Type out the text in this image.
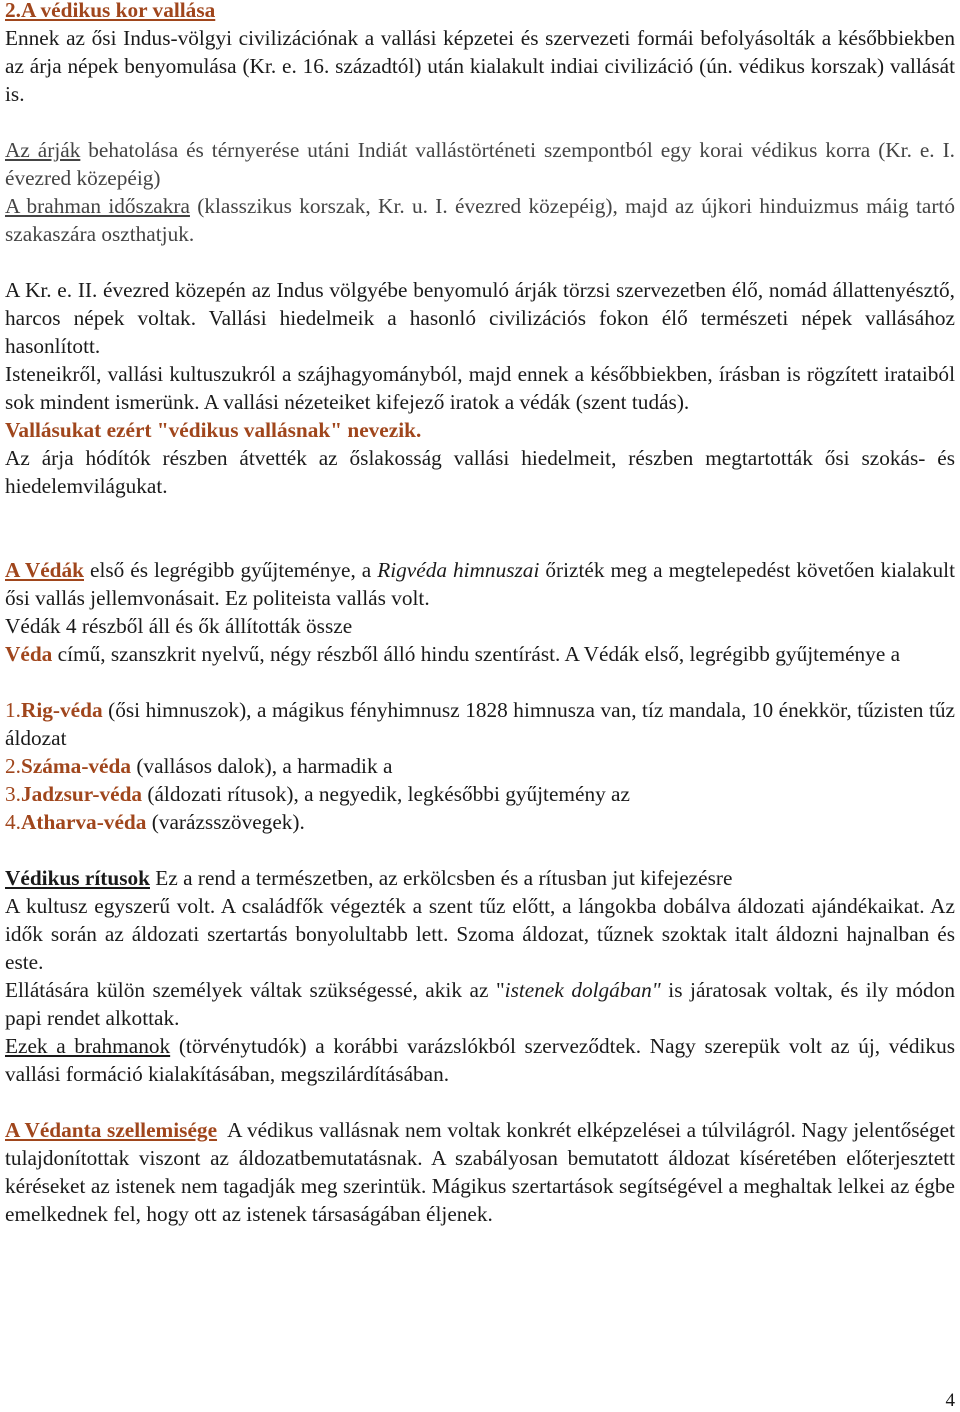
2.A védikus kor vallása

Ennek az ősi Indus-völgyi civilizációnak a vallási képzetei és szervezeti formái befolyásolták a későbbiekben az árja népek benyomulása (Kr. e. 16. századtól) után kialakult indiai civilizáció (ún. védikus korszak) vallását is.

Az árják behatolása és térnyerése utáni Indiát vallástörténeti szempontból egy korai védikus korra (Kr. e. I. évezred közepéig)

A brahman időszakra (klasszikus korszak, Kr. u. I. évezred közepéig), majd az újkori hinduizmus máig tartó szakaszára oszthatjuk.

A Kr. e. II. évezred közepén az Indus völgyébe benyomuló árják törzsi szervezetben élő, nomád állattenyésztő, harcos népek voltak. Vallási hiedelmeik a hasonló civilizációs fokon élő természeti népek vallásához hasonlított.

Isteneikről, vallási kultuszukról a szájhagyományból, majd ennek a későbbiekben, írásban is rögzített irataiból sok mindent ismerünk. A vallási nézeteiket kifejező iratok a védák (szent tudás).

Vallásukat ezért "védikus vallásnak" nevezik.

Az árja hódítók részben átvették az őslakosság vallási hiedelmeit, részben megtartották ősi szokás- és hiedelemvilágukat.

A Védák első és legrégibb gyűjteménye, a Rigvéda himnuszai őrizték meg a megtelepedést követően kialakult ősi vallás jellemvonásait. Ez politeista vallás volt.

Védák 4 részből áll és ők állították össze

Véda című, szanszkrit nyelvű, négy részből álló hindu szentírást. A Védák első, legrégibb gyűjteménye a

1.Rig-véda (ősi himnuszok), a mágikus fényhimnusz 1828 himnusza van, tíz mandala, 10 énekkör, tűzisten tűz áldozat

2.Száma-véda (vallásos dalok), a harmadik a

3.Jadzsur-véda (áldozati rítusok), a negyedik, legkésőbbi gyűjtemény az

4.Atharva-véda (varázsszövegek).

Védikus rítusok Ez a rend a természetben, az erkölcsben és a rítusban jut kifejezésre

A kultusz egyszerű volt. A családfők végezték a szent tűz előtt, a lángokba dobálva áldozati ajándékaikat. Az idők során az áldozati szertartás bonyolultabb lett. Szoma áldozat, tűznek szoktak italt áldozni hajnalban és este.

Ellátására külön személyek váltak szükségessé, akik az "istenek dolgában" is járatosak voltak, és ily módon papi rendet alkottak.

Ezek a brahmanok (törvénytudók) a korábbi varázslókból szerveződtek. Nagy szerepük volt az új, védikus vallási formáció kialakításában, megszilárdításában.

A Védanta szellemisége  A védikus vallásnak nem voltak konkrét elképzelései a túlvilágról. Nagy jelentőséget tulajdonítottak viszont az áldozatbemutatásnak. A szabályosan bemutatott áldozat kíséretében előterjesztett kéréseket az istenek nem tagadják meg szerintük. Mágikus szertartások segítségével a meghaltak lelkei az égbe emelkednek fel, hogy ott az istenek társaságában éljenek.

4
